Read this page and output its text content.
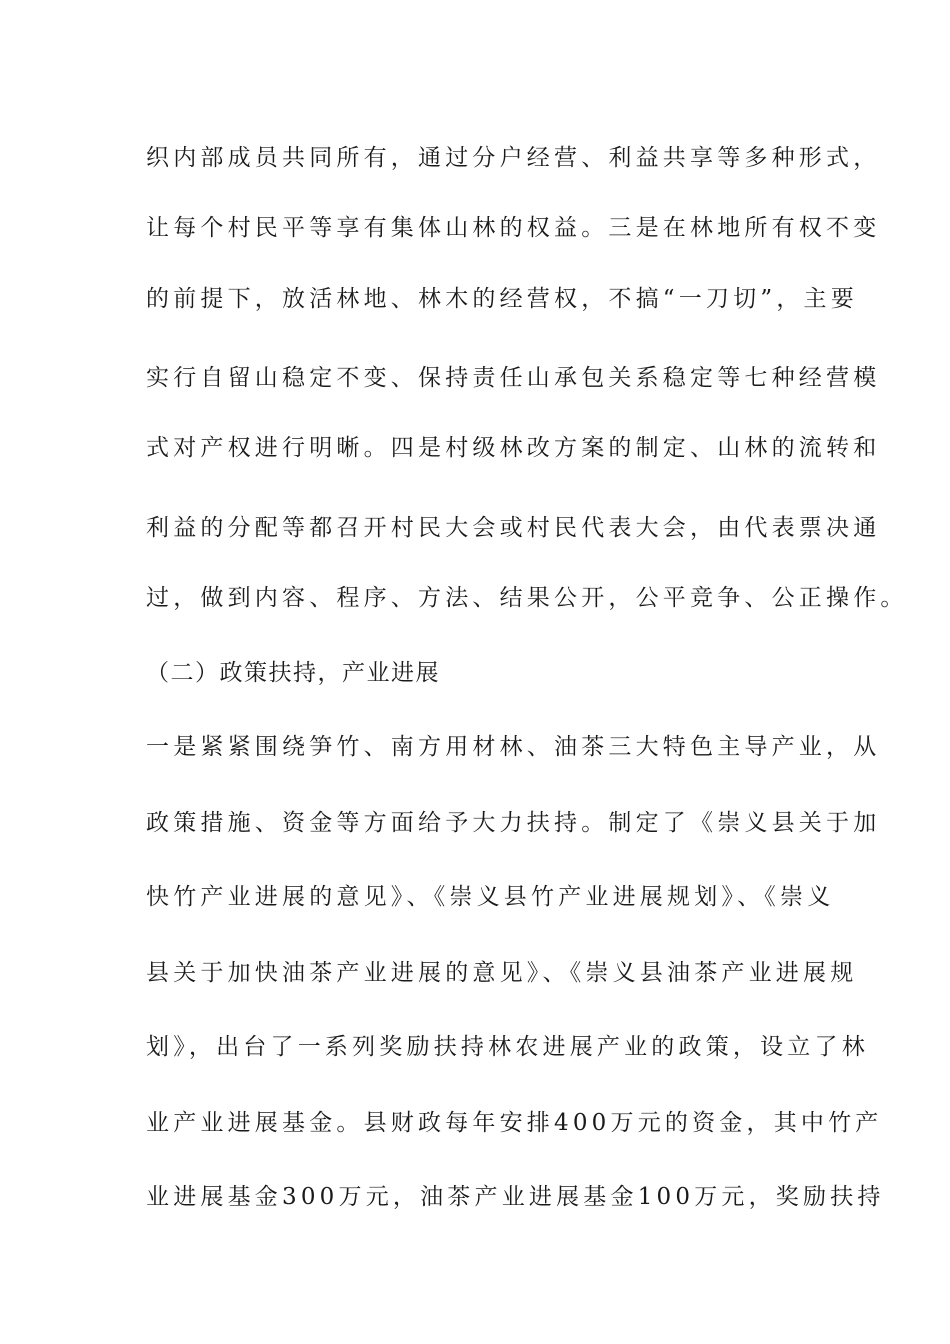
织内部成员共同所有，通过分户经营、利益共享等多种形式，
让每个村民平等享有集体山林的权益。三是在林地所有权不变
的前提下，放活林地、林木的经营权，不搞“一刀切”，主要
实行自留山稳定不变、保持责任山承包关系稳定等七种经营模
式对产权进行明晰。四是村级林改方案的制定、山林的流转和
利益的分配等都召开村民大会或村民代表大会，由代表票决通
过，做到内容、程序、方法、结果公开，公平竞争、公正操作。
（二）政策扶持，产业进展
一是紧紧围绕笋竹、南方用材林、油茶三大特色主导产业，从
政策措施、资金等方面给予大力扶持。制定了《崇义县关于加
快竹产业进展的意见》、《崇义县竹产业进展规划》、《崇义
县关于加快油茶产业进展的意见》、《崇义县油茶产业进展规
划》，出台了一系列奖励扶持林农进展产业的政策，设立了林
业产业进展基金。县财政每年安排400万元的资金，其中竹产
业进展基金300万元，油茶产业进展基金100万元，奖励扶持
